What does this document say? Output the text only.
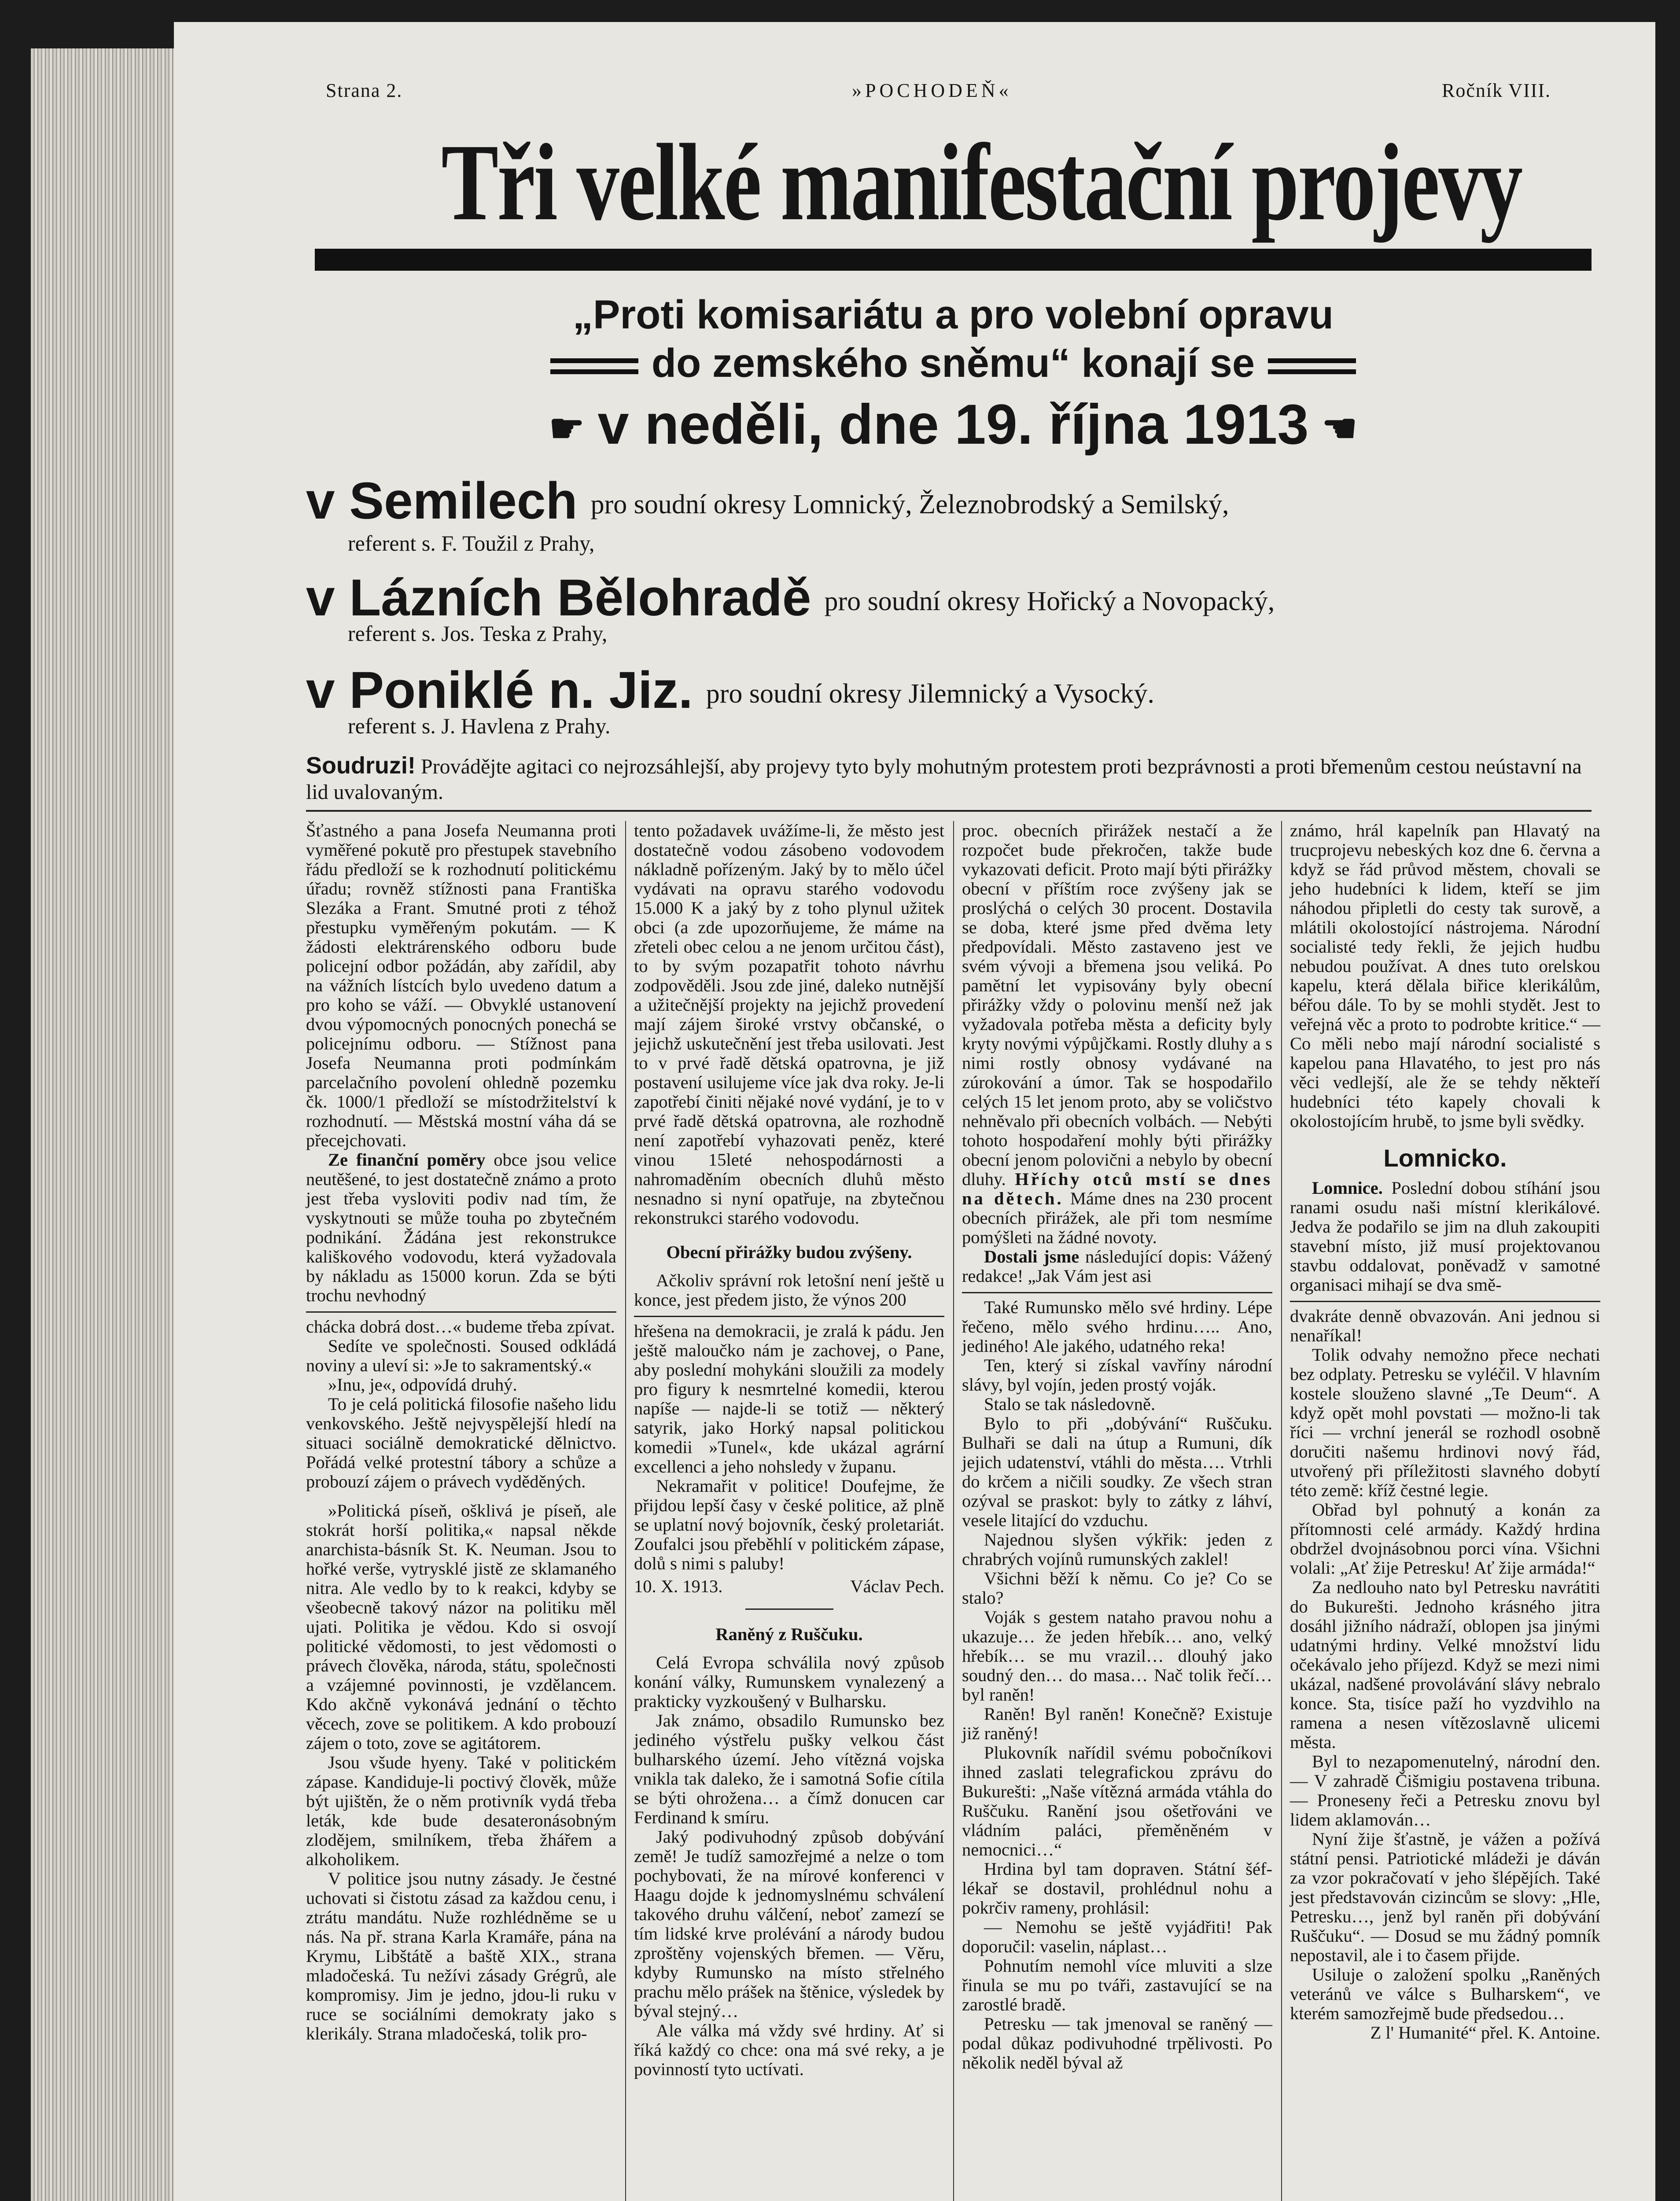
Strana 2.	»POCHODEŇ«	Ročník VIII.
Tři velké manifestační projevy
„Proti komisariátu a pro volební opravu
do zemského sněmu“ konají se
☛ v neděli, dne 19. října 1913 ☚
v Semilech pro soudní okresy Lomnický, Železnobrodský a Semilský,
referent s. F. Toužil z Prahy,
v Lázních Bělohradě pro soudní okresy Hořický a Novopacký,
referent s. Jos. Teska z Prahy,
v Poniklé n. Jiz. pro soudní okresy Jilemnický a Vysocký.
referent s. J. Havlena z Prahy.
Soudruzi! Provádějte agitaci co nejrozsáhlejší, aby projevy tyto byly mohutným protestem proti bezprávnosti a proti břemenům cestou neústavní na lid uvalovaným.

Šťastného a pana Josefa Neumanna proti vyměřené pokutě pro přestupek stavebního řádu předloží se k rozhodnutí politickému úřadu; rovněž stížnosti pana Františka Slezáka a Frant. Smutné proti z téhož přestupku vyměřeným pokutám. — K žádosti elektrárenského odboru bude policejní odbor požádán, aby zařídil, aby na vážních lístcích bylo uvedeno datum a pro koho se váží. — Obvyklé ustanovení dvou výpomocných ponocných ponechá se policejnímu odboru. — Stížnost pana Josefa Neumanna proti podmínkám parcelačního povolení ohledně pozemku čk. 1000/1 předloží se místodržitelství k rozhodnutí. — Městská mostní váha dá se přecejchovati.

Ze finanční poměry obce jsou velice neutěšené, to jest dostatečně známo a proto jest třeba vysloviti podiv nad tím, že vyskytnouti se může touha po zbytečném podnikání. Žádána jest rekonstrukce kališkového vodovodu, která vyžadovala by nákladu as 15000 korun. Zda se býti trochu nevhodný

chácka dobrá dost…« budeme třeba zpívat.

Sedíte ve společnosti. Soused odkládá noviny a uleví si: »Je to sakramentský.«

»Inu, je«, odpovídá druhý.

To je celá politická filosofie našeho lidu venkovského. Ještě nejvyspělejší hledí na situaci sociálně demokratické dělnictvo. Pořádá velké protestní tábory a schůze a probouzí zájem o právech vyděděných.

»Politická píseň, ošklivá je píseň, ale stokrát horší politika,« napsal někde anarchista-básník St. K. Neuman. Jsou to hořké verše, vytrysklé jistě ze sklamaného nitra. Ale vedlo by to k reakci, kdyby se všeobecně takový názor na politiku měl ujati. Politika je vědou. Kdo si osvojí politické vědomosti, to jest vědomosti o právech člověka, národa, státu, společnosti a vzájemné povinnosti, je vzdělancem. Kdo akčně vykonává jednání o těchto věcech, zove se politikem. A kdo probouzí zájem o toto, zove se agitátorem.

Jsou všude hyeny. Také v politickém zápase. Kandiduje-li poctivý člověk, může být ujištěn, že o něm protivník vydá třeba leták, kde bude desateronásobným zlodějem, smilníkem, třeba žhářem a alkoholikem.

V politice jsou nutny zásady. Je čestné uchovati si čistotu zásad za každou cenu, i ztrátu mandátu. Nuže rozhlédněme se u nás. Na př. strana Karla Kramáře, pána na Krymu, Libštátě a baště XIX., strana mladočeská. Tu nežívi zásady Grégrů, ale kompromisy. Jim je jedno, jdou-li ruku v ruce se sociálními demokraty jako s klerikály. Strana mladočeská, tolik pro-

tento požadavek uvážíme-li, že město jest dostatečně vodou zásobeno vodovodem nákladně pořízeným. Jaký by to mělo účel vydávati na opravu starého vodovodu 15.000 K a jaký by z toho plynul užitek obci (a zde upozorňujeme, že máme na zřeteli obec celou a ne jenom určitou část), to by svým pozapatřit tohoto návrhu zodpověděli. Jsou zde jiné, daleko nutnější a užitečnější projekty na jejichž provedení mají zájem široké vrstvy občanské, o jejichž uskutečnění jest třeba usilovati. Jest to v prvé řadě dětská opatrovna, je již postavení usilujeme více jak dva roky. Je-li zapotřebí činiti nějaké nové vydání, je to v prvé řadě dětská opatrovna, ale rozhodně není zapotřebí vyhazovati peněz, které vinou 15leté nehospodárnosti a nahromaděním obecních dluhů město nesnadno si nyní opatřuje, na zbytečnou rekonstrukci starého vodovodu.

Obecní přirážky budou zvýšeny.

Ačkoliv správní rok letošní není ještě u konce, jest předem jisto, že výnos 200

hřešena na demokracii, je zralá k pádu. Jen ještě maloučko nám je zachovej, o Pane, aby poslední mohykáni sloužili za modely pro figury k nesmrtelné komedii, kterou napíše — najde-li se totiž — některý satyrik, jako Horký napsal politickou komedii »Tunel«, kde ukázal agrární excellenci a jeho nohsledy v županu.

Nekramařit v politice! Doufejme, že přijdou lepší časy v české politice, až plně se uplatní nový bojovník, český proletariát. Zoufalci jsou přeběhlí v politickém zápase, dolů s nimi s paluby!

10. X. 1913.	Václav Pech.

Raněný z Ruščuku.

Celá Evropa schválila nový způsob konání války, Rumunskem vynalezený a prakticky vyzkoušený v Bulharsku.

Jak známo, obsadilo Rumunsko bez jediného výstřelu pušky velkou část bulharského území. Jeho vítězná vojska vnikla tak daleko, že i samotná Sofie cítila se býti ohrožena… a čímž donucen car Ferdinand k smíru.

Jaký podivuhodný způsob dobývání země! Je tudíž samozřejmé a nelze o tom pochybovati, že na mírové konferenci v Haagu dojde k jednomyslnému schválení takového druhu válčení, neboť zamezí se tím lidské krve prolévání a národy budou zproštěny vojenských břemen. — Věru, kdyby Rumunsko na místo střelného prachu mělo prášek na štěnice, výsledek by býval stejný…

Ale válka má vždy své hrdiny. Ať si říká každý co chce: ona má své reky, a je povinností tyto uctívati.

proc. obecních přirážek nestačí a že rozpočet bude překročen, takže bude vykazovati deficit. Proto mají býti přirážky obecní v příštím roce zvýšeny jak se proslýchá o celých 30 procent. Dostavila se doba, které jsme před dvěma lety předpovídali. Město zastaveno jest ve svém vývoji a břemena jsou veliká. Po pamětní let vypisovány byly obecní přirážky vždy o polovinu menší než jak vyžadovala potřeba města a deficity byly kryty novými výpůjčkami. Rostly dluhy a s nimi rostly obnosy vydávané na zúrokování a úmor. Tak se hospodařilo celých 15 let jenom proto, aby se voličstvo nehněvalo při obecních volbách. — Nebýti tohoto hospodaření mohly býti přirážky obecní jenom polovični a nebylo by obecní dluhy. Hříchy otců mstí se dnes na dětech. Máme dnes na 230 procent obecních přirážek, ale při tom nesmíme pomýšleti na žádné novoty.

Dostali jsme následující dopis: Vážený redakce! „Jak Vám jest asi

Také Rumunsko mělo své hrdiny. Lépe řečeno, mělo svého hrdinu….. Ano, jediného! Ale jakého, udatného reka!

Ten, který si získal vavříny národní slávy, byl vojín, jeden prostý voják.

Stalo se tak následovně.

Bylo to při „dobývání“ Ruščuku. Bulhaři se dali na útup a Rumuni, dík jejich udatenství, vtáhli do města…. Vtrhli do krčem a ničili soudky. Ze všech stran ozýval se praskot: byly to zátky z láhví, vesele litající do vzduchu.

Najednou slyšen výkřik: jeden z chrabrých vojínů rumunských zaklel!

Všichni běží k němu. Co je? Co se stalo?

Voják s gestem nataho pravou nohu a ukazuje… že jeden hřebík… ano, velký hřebík… se mu vrazil… dlouhý jako soudný den… do masa… Nač tolik řečí… byl raněn!

Raněn! Byl raněn! Konečně? Existuje již raněný!

Plukovník nařídil svému pobočníkovi ihned zaslati telegrafickou zprávu do Bukurešti: „Naše vítězná armáda vtáhla do Ruščuku. Ranění jsou ošetřováni ve vládním paláci, přeměněném v nemocnici…“

Hrdina byl tam dopraven. Státní šéf-lékař se dostavil, prohlédnul nohu a pokrčiv rameny, prohlásil:

— Nemohu se ještě vyjádřiti! Pak doporučil: vaselin, náplast…

Pohnutím nemohl více mluviti a slze řinula se mu po tváři, zastavující se na zarostlé bradě.

Petresku — tak jmenoval se raněný — podal důkaz podivuhodné trpělivosti. Po několik neděl býval až

známo, hrál kapelník pan Hlavatý na trucprojevu nebeských koz dne 6. června a když se řád průvod městem, chovali se jeho hudebníci k lidem, kteří se jim náhodou připletli do cesty tak surově, a mlátili okolostojící nástrojema. Národní socialisté tedy řekli, že jejich hudbu nebudou používat. A dnes tuto orelskou kapelu, která dělala biřice klerikálům, béřou dále. To by se mohli stydět. Jest to veřejná věc a proto to podrobte kritice.“ — Co měli nebo mají národní socialisté s kapelou pana Hlavatého, to jest pro nás věci vedlejší, ale že se tehdy někteří hudebníci této kapely chovali k okolostojícím hrubě, to jsme byli svědky.

Lomnicko.

Lomnice. Poslední dobou stíhání jsou ranami osudu naši místní klerikálové. Jedva že podařilo se jim na dluh zakoupiti stavební místo, již musí projektovanou stavbu oddalovat, poněvadž v samotné organisaci mihají se dva smě-

dvakráte denně obvazován. Ani jednou si nenaříkal!

Tolik odvahy nemožno přece nechati bez odplaty. Petresku se vyléčil. V hlavním kostele slouženo slavné „Te Deum“. A když opět mohl povstati — možno-li tak říci — vrchní jenerál se rozhodl osobně doručiti našemu hrdinovi nový řád, utvořený při příležitosti slavného dobytí této země: kříž čestné legie.

Obřad byl pohnutý a konán za přítomnosti celé armády. Každý hrdina obdržel dvojnásobnou porci vína. Všichni volali: „Ať žije Petresku! Ať žije armáda!“

Za nedlouho nato byl Petresku navrátiti do Bukurešti. Jednoho krásného jitra dosáhl jižního nádraží, oblopen jsa jinými udatnými hrdiny. Velké množství lidu očekávalo jeho příjezd. Když se mezi nimi ukázal, nadšené provolávání slávy nebralo konce. Sta, tisíce paží ho vyzdvihlo na ramena a nesen vítězoslavně ulicemi města.

Byl to nezapomenutelný, národní den. — V zahradě Čišmigiu postavena tribuna. — Proneseny řeči a Petresku znovu byl lidem aklamován…

Nyní žije šťastně, je vážen a požívá státní pensi. Patriotické mládeži je dáván za vzor pokračovatí v jeho šlépějích. Také jest představován cizincům se slovy: „Hle, Petresku…, jenž byl raněn při dobývání Ruščuku“. — Dosud se mu žádný pomník nepostavil, ale i to časem přijde.

Usiluje o založení spolku „Raněných veteránů ve válce s Bulharskem“, ve kterém samozřejmě bude předsedou…

Z l' Humanité“ přel. K. Antoine.
